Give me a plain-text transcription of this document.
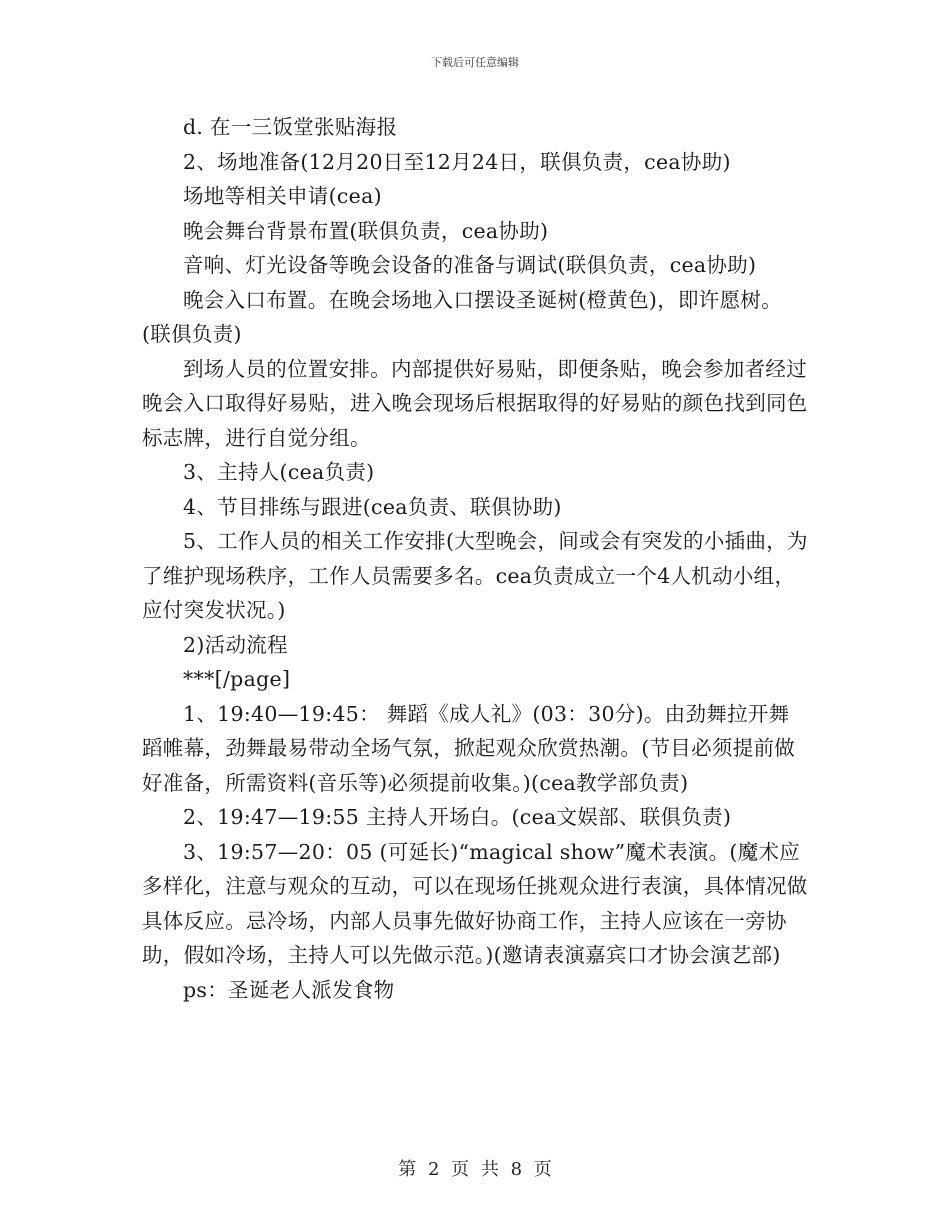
下载后可任意编辑

d. 在一三饭堂张贴海报

2、场地准备(12月20日至12月24日，联俱负责，cea协助)

场地等相关申请(cea)

晚会舞台背景布置(联俱负责，cea协助)

音响、灯光设备等晚会设备的准备与调试(联俱负责，cea协助)

晚会入口布置。在晚会场地入口摆设圣诞树(橙黄色)，即许愿树。(联俱负责)

到场人员的位置安排。内部提供好易贴，即便条贴，晚会参加者经过晚会入口取得好易贴，进入晚会现场后根据取得的好易贴的颜色找到同色标志牌，进行自觉分组。

3、主持人(cea负责)

4、节目排练与跟进(cea负责、联俱协助)

5、工作人员的相关工作安排(大型晚会，间或会有突发的小插曲，为了维护现场秩序，工作人员需要多名。cea负责成立一个4人机动小组，应付突发状况。)

2)活动流程

***[/page]

1、19:40—19:45： 舞蹈《成人礼》(03：30分)。由劲舞拉开舞蹈帷幕，劲舞最易带动全场气氛，掀起观众欣赏热潮。(节目必须提前做好准备，所需资料(音乐等)必须提前收集。)(cea教学部负责)

2、19:47—19:55 主持人开场白。(cea文娱部、联俱负责)

3、19:57—20：05 (可延长)“magical show”魔术表演。(魔术应多样化，注意与观众的互动，可以在现场任挑观众进行表演，具体情况做具体反应。忌冷场，内部人员事先做好协商工作，主持人应该在一旁协助，假如冷场，主持人可以先做示范。)(邀请表演嘉宾口才协会演艺部)

ps：圣诞老人派发食物

第 2 页 共 8 页
